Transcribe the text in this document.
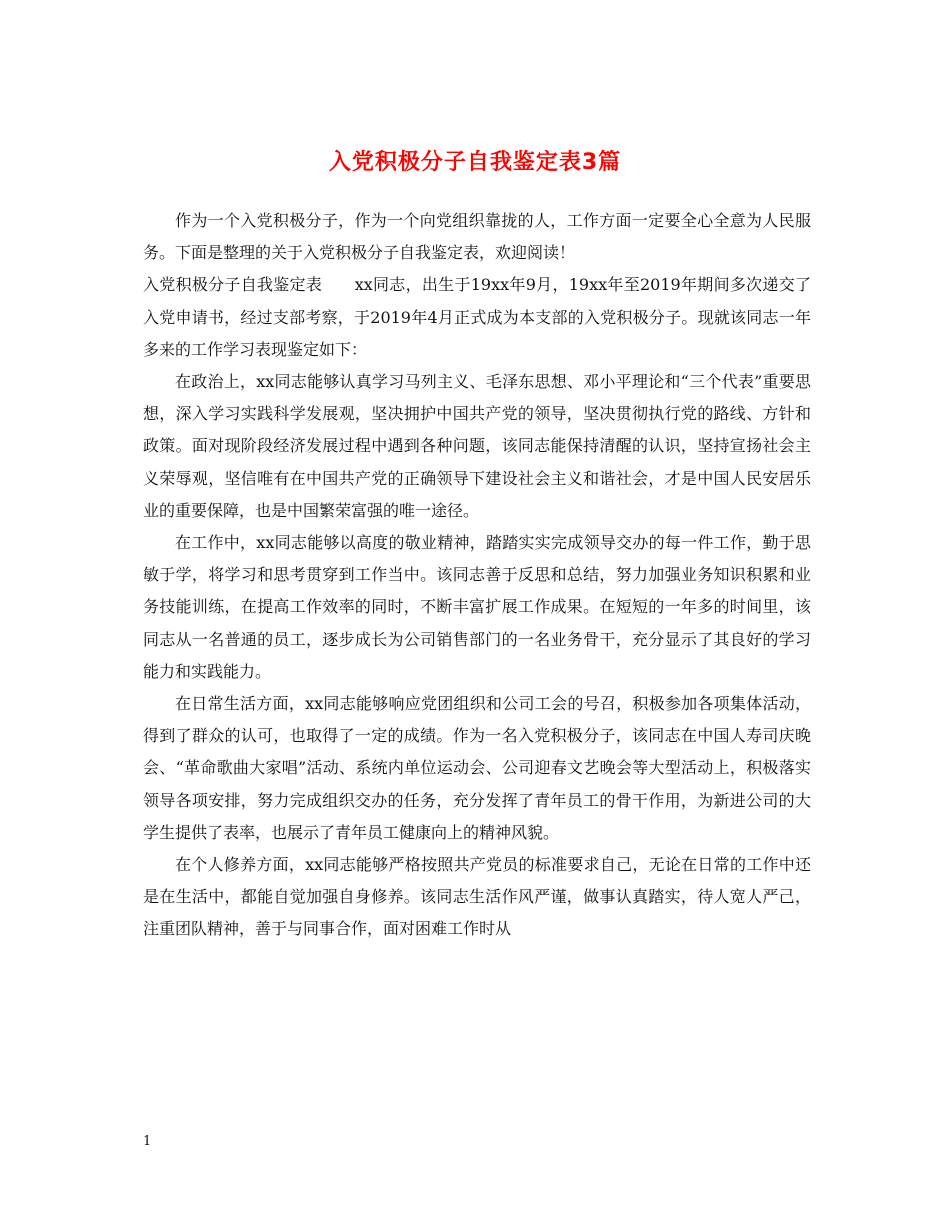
入党积极分子自我鉴定表3篇

作为一个入党积极分子，作为一个向党组织靠拢的人，工作方面一定要全心全意为人民服务。下面是整理的关于入党积极分子自我鉴定表，欢迎阅读！

入党积极分子自我鉴定表　　xx同志，出生于19xx年9月，19xx年至2019年期间多次递交了入党申请书，经过支部考察，于2019年4月正式成为本支部的入党积极分子。现就该同志一年多来的工作学习表现鉴定如下：

在政治上，xx同志能够认真学习马列主义、毛泽东思想、邓小平理论和“三个代表”重要思想，深入学习实践科学发展观，坚决拥护中国共产党的领导，坚决贯彻执行党的路线、方针和政策。面对现阶段经济发展过程中遇到各种问题，该同志能保持清醒的认识，坚持宣扬社会主义荣辱观，坚信唯有在中国共产党的正确领导下建设社会主义和谐社会，才是中国人民安居乐业的重要保障，也是中国繁荣富强的唯一途径。

在工作中，xx同志能够以高度的敬业精神，踏踏实实完成领导交办的每一件工作，勤于思敏于学，将学习和思考贯穿到工作当中。该同志善于反思和总结，努力加强业务知识积累和业务技能训练，在提高工作效率的同时，不断丰富扩展工作成果。在短短的一年多的时间里，该同志从一名普通的员工，逐步成长为公司销售部门的一名业务骨干，充分显示了其良好的学习能力和实践能力。

在日常生活方面，xx同志能够响应党团组织和公司工会的号召，积极参加各项集体活动，得到了群众的认可，也取得了一定的成绩。作为一名入党积极分子，该同志在中国人寿司庆晚会、“革命歌曲大家唱”活动、系统内单位运动会、公司迎春文艺晚会等大型活动上，积极落实领导各项安排，努力完成组织交办的任务，充分发挥了青年员工的骨干作用，为新进公司的大学生提供了表率，也展示了青年员工健康向上的精神风貌。

在个人修养方面，xx同志能够严格按照共产党员的标准要求自己，无论在日常的工作中还是在生活中，都能自觉加强自身修养。该同志生活作风严谨，做事认真踏实，待人宽人严己，注重团队精神，善于与同事合作，面对困难工作时从

1
